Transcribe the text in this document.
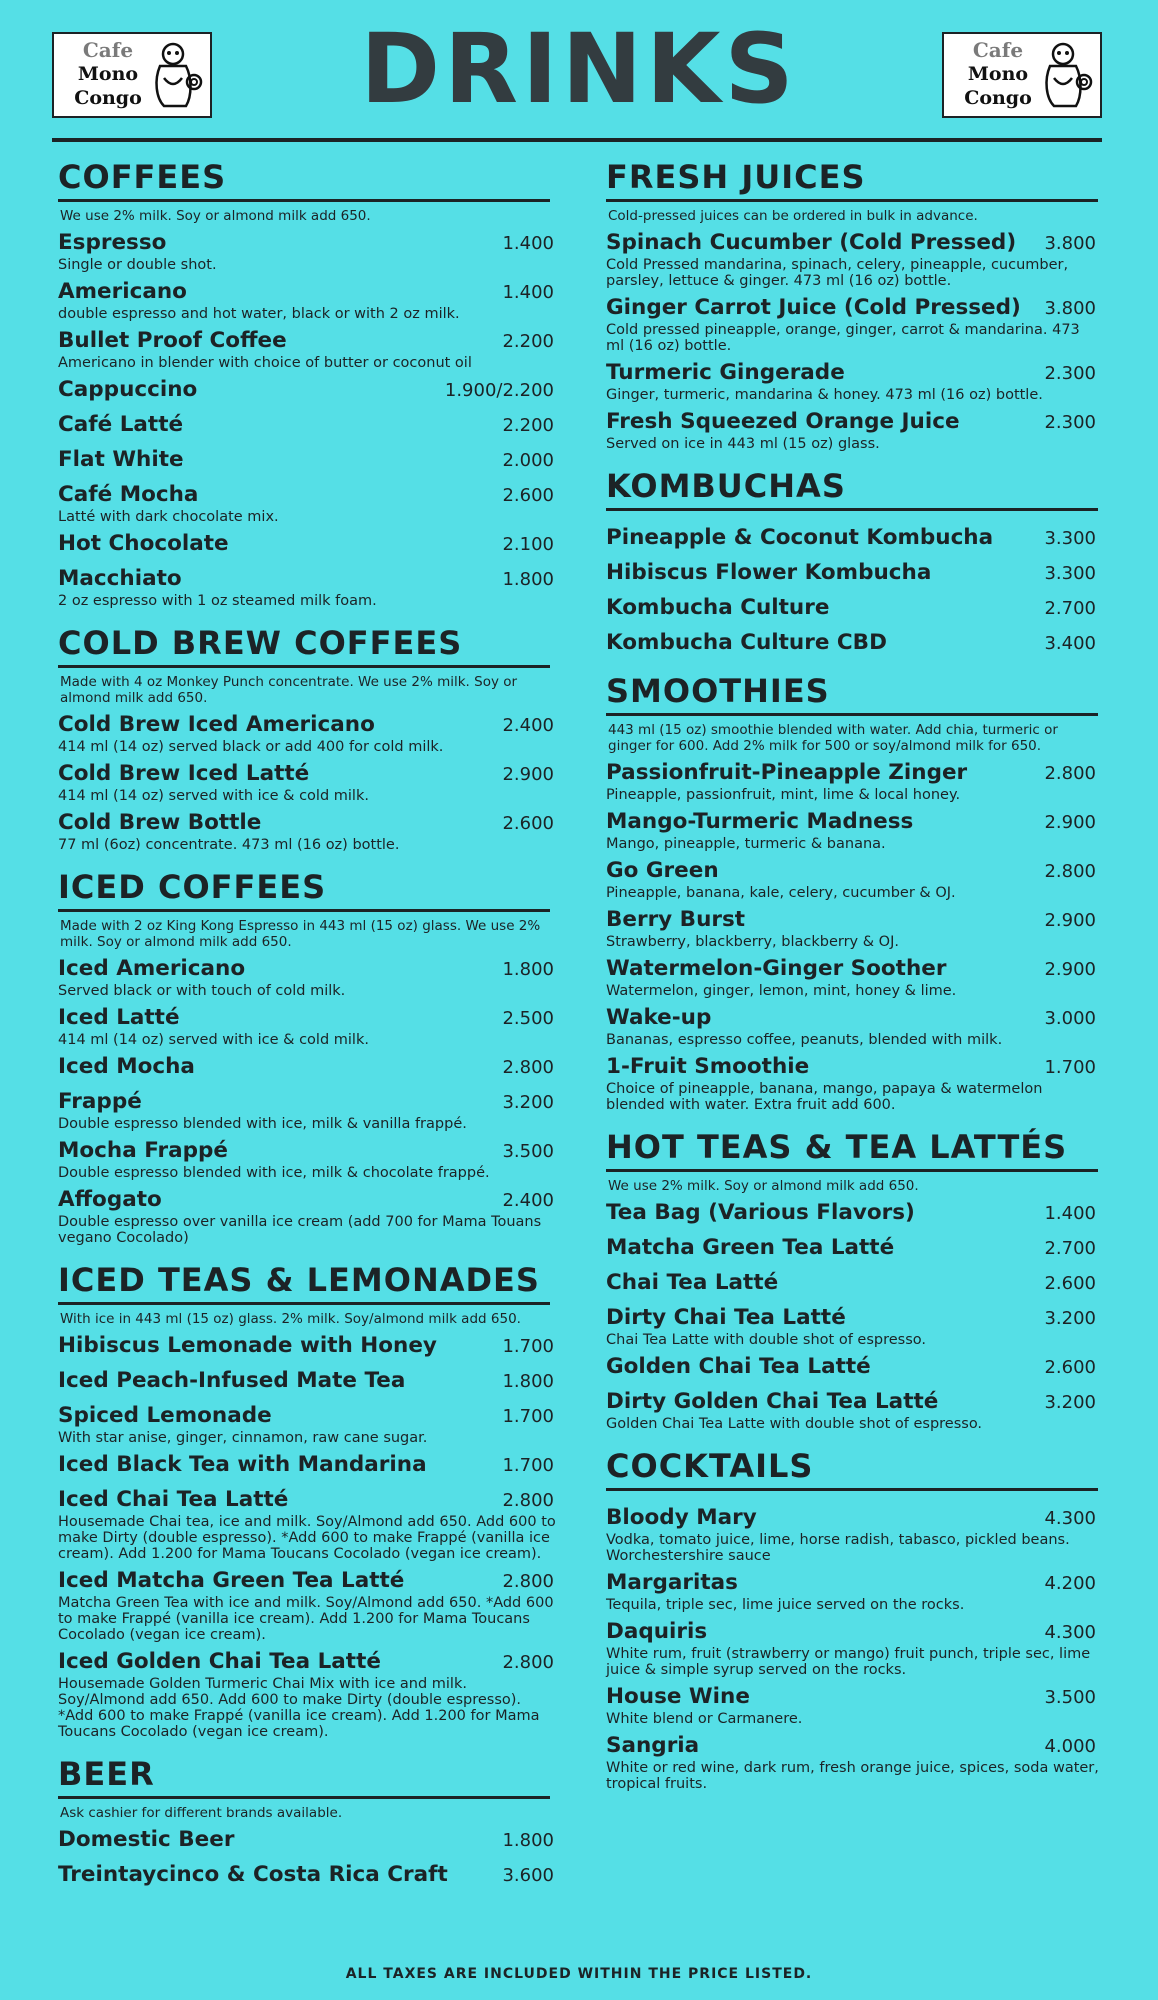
Cafe
Mono
Congo	DRINKS	Cafe
Mono
Congo
COFFEES
We use 2% milk. Soy or almond milk add 650.
Espresso	1.400
Single or double shot.
Americano	1.400
double espresso and hot water, black or with 2 oz milk.
Bullet Proof Coffee	2.200
Americano in blender with choice of butter or coconut oil
Cappuccino	1.900/2.200
Café Latté	2.200
Flat White	2.000
Café Mocha	2.600
Latté with dark chocolate mix.
Hot Chocolate	2.100
Macchiato	1.800
2 oz espresso with 1 oz steamed milk foam.
COLD BREW COFFEES
Made with 4 oz Monkey Punch concentrate. We use 2% milk. Soy or almond milk add 650.
Cold Brew Iced Americano	2.400
414 ml (14 oz) served black or add 400 for cold milk.
Cold Brew Iced Latté	2.900
414 ml (14 oz) served with ice & cold milk.
Cold Brew Bottle	2.600
77 ml (6oz) concentrate. 473 ml (16 oz) bottle.
ICED COFFEES
Made with 2 oz King Kong Espresso in 443 ml (15 oz) glass. We use 2% milk. Soy or almond milk add 650.
Iced Americano	1.800
Served black or with touch of cold milk.
Iced Latté	2.500
414 ml (14 oz) served with ice & cold milk.
Iced Mocha	2.800
Frappé	3.200
Double espresso blended with ice, milk & vanilla frappé.
Mocha Frappé	3.500
Double espresso blended with ice, milk & chocolate frappé.
Affogato	2.400
Double espresso over vanilla ice cream (add 700 for Mama Touans vegano Cocolado)
ICED TEAS & LEMONADES
With ice in 443 ml (15 oz) glass. 2% milk. Soy/almond milk add 650.
Hibiscus Lemonade with Honey	1.700
Iced Peach-Infused Mate Tea	1.800
Spiced Lemonade	1.700
With star anise, ginger, cinnamon, raw cane sugar.
Iced Black Tea with Mandarina	1.700
Iced Chai Tea Latté	2.800
Housemade Chai tea, ice and milk. Soy/Almond add 650. Add 600 to make Dirty (double espresso). *Add 600 to make Frappé (vanilla ice cream). Add 1.200 for Mama Toucans Cocolado (vegan ice cream).
Iced Matcha Green Tea Latté	2.800
Matcha Green Tea with ice and milk. Soy/Almond add 650. *Add 600 to make Frappé (vanilla ice cream). Add 1.200 for Mama Toucans Cocolado (vegan ice cream).
Iced Golden Chai Tea Latté	2.800
Housemade Golden Turmeric Chai Mix with ice and milk. Soy/Almond add 650. Add 600 to make Dirty (double espresso). *Add 600 to make Frappé (vanilla ice cream). Add 1.200 for Mama Toucans Cocolado (vegan ice cream).
BEER
Ask cashier for different brands available.
Domestic Beer	1.800
Treintaycinco & Costa Rica Craft	3.600
FRESH JUICES
Cold-pressed juices can be ordered in bulk in advance.
Spinach Cucumber (Cold Pressed) 3.800
Cold Pressed mandarina, spinach, celery, pineapple, cucumber, parsley, lettuce & ginger. 473 ml (16 oz) bottle.
Ginger Carrot Juice (Cold Pressed) 3.800
Cold pressed pineapple, orange, ginger, carrot & mandarina. 473 ml (16 oz) bottle.
Turmeric Gingerade	2.300
Ginger, turmeric, mandarina & honey. 473 ml (16 oz) bottle.
Fresh Squeezed Orange Juice	2.300
Served on ice in 443 ml (15 oz) glass.
KOMBUCHAS
Pineapple & Coconut Kombucha	3.300
Hibiscus Flower Kombucha	3.300
Kombucha Culture	2.700
Kombucha Culture CBD	3.400
SMOOTHIES
443 ml (15 oz) smoothie blended with water. Add chia, turmeric or ginger for 600. Add 2% milk for 500 or soy/almond milk for 650.
Passionfruit-Pineapple Zinger	2.800
Pineapple, passionfruit, mint, lime & local honey.
Mango-Turmeric Madness	2.900
Mango, pineapple, turmeric & banana.
Go Green	2.800
Pineapple, banana, kale, celery, cucumber & OJ.
Berry Burst	2.900
Strawberry, blackberry, blackberry & OJ.
Watermelon-Ginger Soother	2.900
Watermelon, ginger, lemon, mint, honey & lime.
Wake-up	3.000
Bananas, espresso coffee, peanuts, blended with milk.
1-Fruit Smoothie	1.700
Choice of pineapple, banana, mango, papaya & watermelon blended with water. Extra fruit add 600.
HOT TEAS & TEA LATTÉS
We use 2% milk. Soy or almond milk add 650.
Tea Bag (Various Flavors)	1.400
Matcha Green Tea Latté	2.700
Chai Tea Latté	2.600
Dirty Chai Tea Latté	3.200
Chai Tea Latte with double shot of espresso.
Golden Chai Tea Latté	2.600
Dirty Golden Chai Tea Latté	3.200
Golden Chai Tea Latte with double shot of espresso.
COCKTAILS
Bloody Mary	4.300
Vodka, tomato juice, lime, horse radish, tabasco, pickled beans. Worchestershire sauce
Margaritas	4.200
Tequila, triple sec, lime juice served on the rocks.
Daquiris	4.300
White rum, fruit (strawberry or mango) fruit punch, triple sec, lime juice & simple syrup served on the rocks.
House Wine	3.500
White blend or Carmanere.
Sangria	4.000
White or red wine, dark rum, fresh orange juice, spices, soda water, tropical fruits.
ALL TAXES ARE INCLUDED WITHIN THE PRICE LISTED.
